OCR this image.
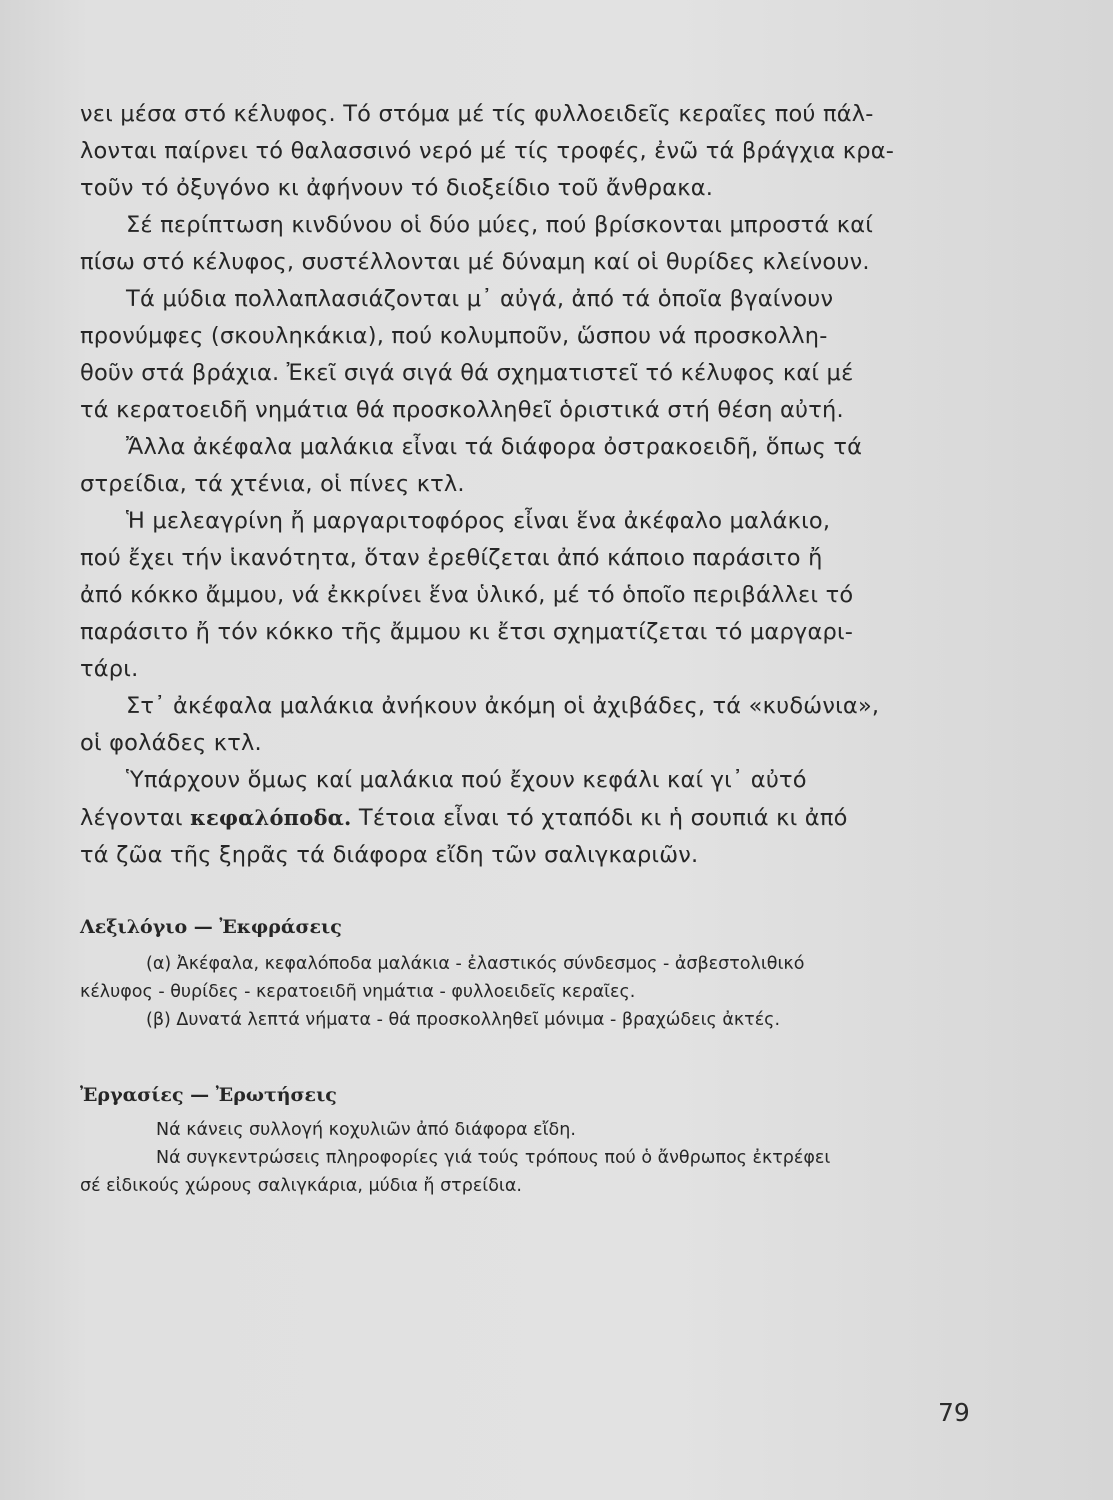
νει μέσα στό κέλυφος. Τό στόμα μέ τίς φυλλοειδεῖς κεραῖες πού πάλ-
λονται παίρνει τό θαλασσινό νερό μέ τίς τροφές, ἐνῶ τά βράγχια κρα-
τοῦν τό ὀξυγόνο κι ἀφήνουν τό διοξείδιο τοῦ ἄνθρακα.

Σέ περίπτωση κινδύνου οἱ δύο μύες, πού βρίσκονται μπροστά καί
πίσω στό κέλυφος, συστέλλονται μέ δύναμη καί οἱ θυρίδες κλείνουν.

Τά μύδια πολλαπλασιάζονται μ᾿ αὐγά, ἀπό τά ὁποῖα βγαίνουν
προνύμφες (σκουληκάκια), πού κολυμποῦν, ὥσπου νά προσκολλη-
θοῦν στά βράχια. Ἐκεῖ σιγά σιγά θά σχηματιστεῖ τό κέλυφος καί μέ
τά κερατοειδῆ νημάτια θά προσκολληθεῖ ὁριστικά στή θέση αὐτή.

Ἄλλα ἀκέφαλα μαλάκια εἶναι τά διάφορα ὀστρακοειδῆ, ὅπως τά
στρείδια, τά χτένια, οἱ πίνες κτλ.

Ἡ μελεαγρίνη ἤ μαργαριτοφόρος εἶναι ἕνα ἀκέφαλο μαλάκιο,
πού ἔχει τήν ἱκανότητα, ὅταν ἐρεθίζεται ἀπό κάποιο παράσιτο ἤ
ἀπό κόκκο ἄμμου, νά ἐκκρίνει ἕνα ὑλικό, μέ τό ὁποῖο περιβάλλει τό
παράσιτο ἤ τόν κόκκο τῆς ἄμμου κι ἔτσι σχηματίζεται τό μαργαρι-
τάρι.

Στ᾿ ἀκέφαλα μαλάκια ἀνήκουν ἀκόμη οἱ ἀχιβάδες, τά «κυδώνια»,
οἱ φολάδες κτλ.

Ὑπάρχουν ὅμως καί μαλάκια πού ἔχουν κεφάλι καί γι᾿ αὐτό
λέγονται κεφαλόποδα. Τέτοια εἶναι τό χταπόδι κι ἡ σουπιά κι ἀπό
τά ζῶα τῆς ξηρᾶς τά διάφορα εἴδη τῶν σαλιγκαριῶν.

Λεξιλόγιο — Ἐκφράσεις

(α) Ἀκέφαλα, κεφαλόποδα μαλάκια - ἐλαστικός σύνδεσμος - ἀσβεστολιθικό
κέλυφος - θυρίδες - κερατοειδῆ νημάτια - φυλλοειδεῖς κεραῖες.
(β) Δυνατά λεπτά νήματα - θά προσκολληθεῖ μόνιμα - βραχώδεις ἀκτές.

Ἐργασίες — Ἐρωτήσεις

Νά κάνεις συλλογή κοχυλιῶν ἀπό διάφορα εἴδη.
Νά συγκεντρώσεις πληροφορίες γιά τούς τρόπους πού ὁ ἄνθρωπος ἐκτρέφει
σέ εἰδικούς χώρους σαλιγκάρια, μύδια ἤ στρείδια.

79
